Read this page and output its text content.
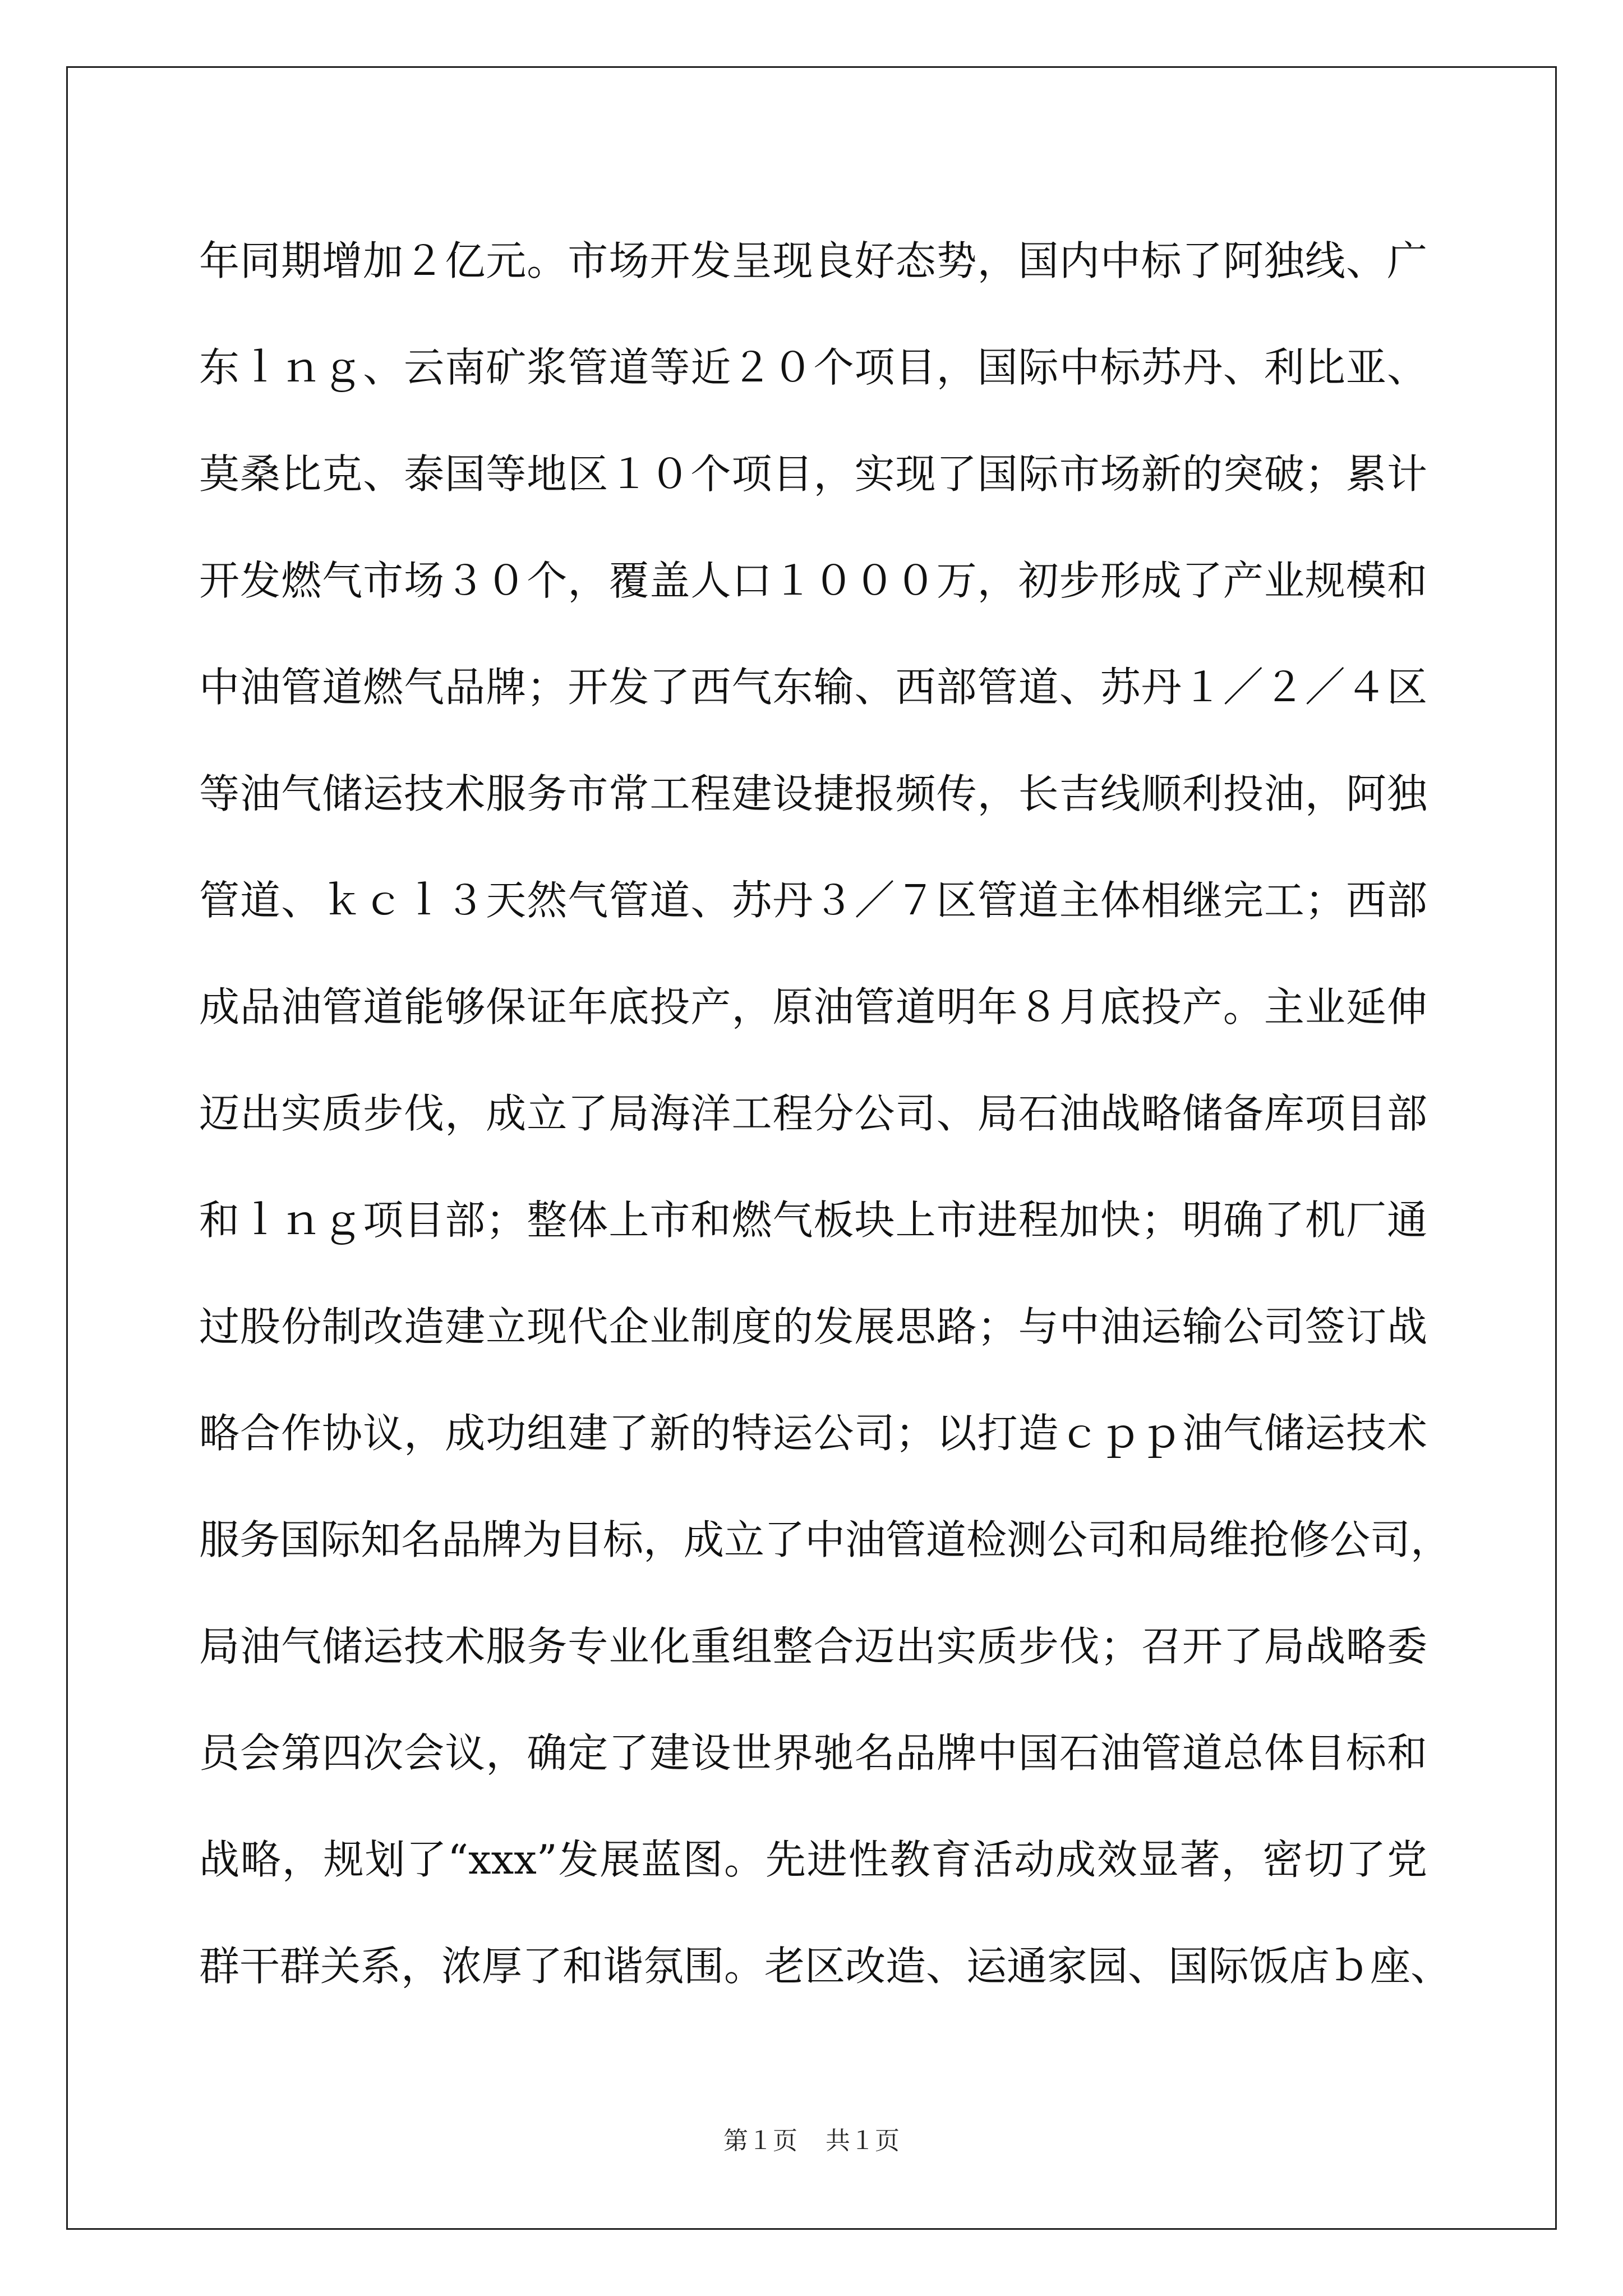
年同期增加２亿元。市场开发呈现良好态势，国内中标了阿独线、广
东ｌｎｇ、云南矿浆管道等近２０个项目，国际中标苏丹、利比亚、
莫桑比克、泰国等地区１０个项目，实现了国际市场新的突破；累计
开发燃气市场３０个，覆盖人口１０００万，初步形成了产业规模和
中油管道燃气品牌；开发了西气东输、西部管道、苏丹１／２／４区
等油气储运技术服务市常工程建设捷报频传，长吉线顺利投油，阿独
管道、ｋｃｌ３天然气管道、苏丹３／７区管道主体相继完工；西部
成品油管道能够保证年底投产，原油管道明年８月底投产。主业延伸
迈出实质步伐，成立了局海洋工程分公司、局石油战略储备库项目部
和ｌｎｇ项目部；整体上市和燃气板块上市进程加快；明确了机厂通
过股份制改造建立现代企业制度的发展思路；与中油运输公司签订战
略合作协议，成功组建了新的特运公司；以打造ｃｐｐ油气储运技术
服务国际知名品牌为目标，成立了中油管道检测公司和局维抢修公司，
局油气储运技术服务专业化重组整合迈出实质步伐；召开了局战略委
员会第四次会议，确定了建设世界驰名品牌中国石油管道总体目标和
战略，规划了“xxx”发展蓝图。先进性教育活动成效显著，密切了党
群干群关系，浓厚了和谐氛围。老区改造、运通家园、国际饭店ｂ座、
第１页 共１页
